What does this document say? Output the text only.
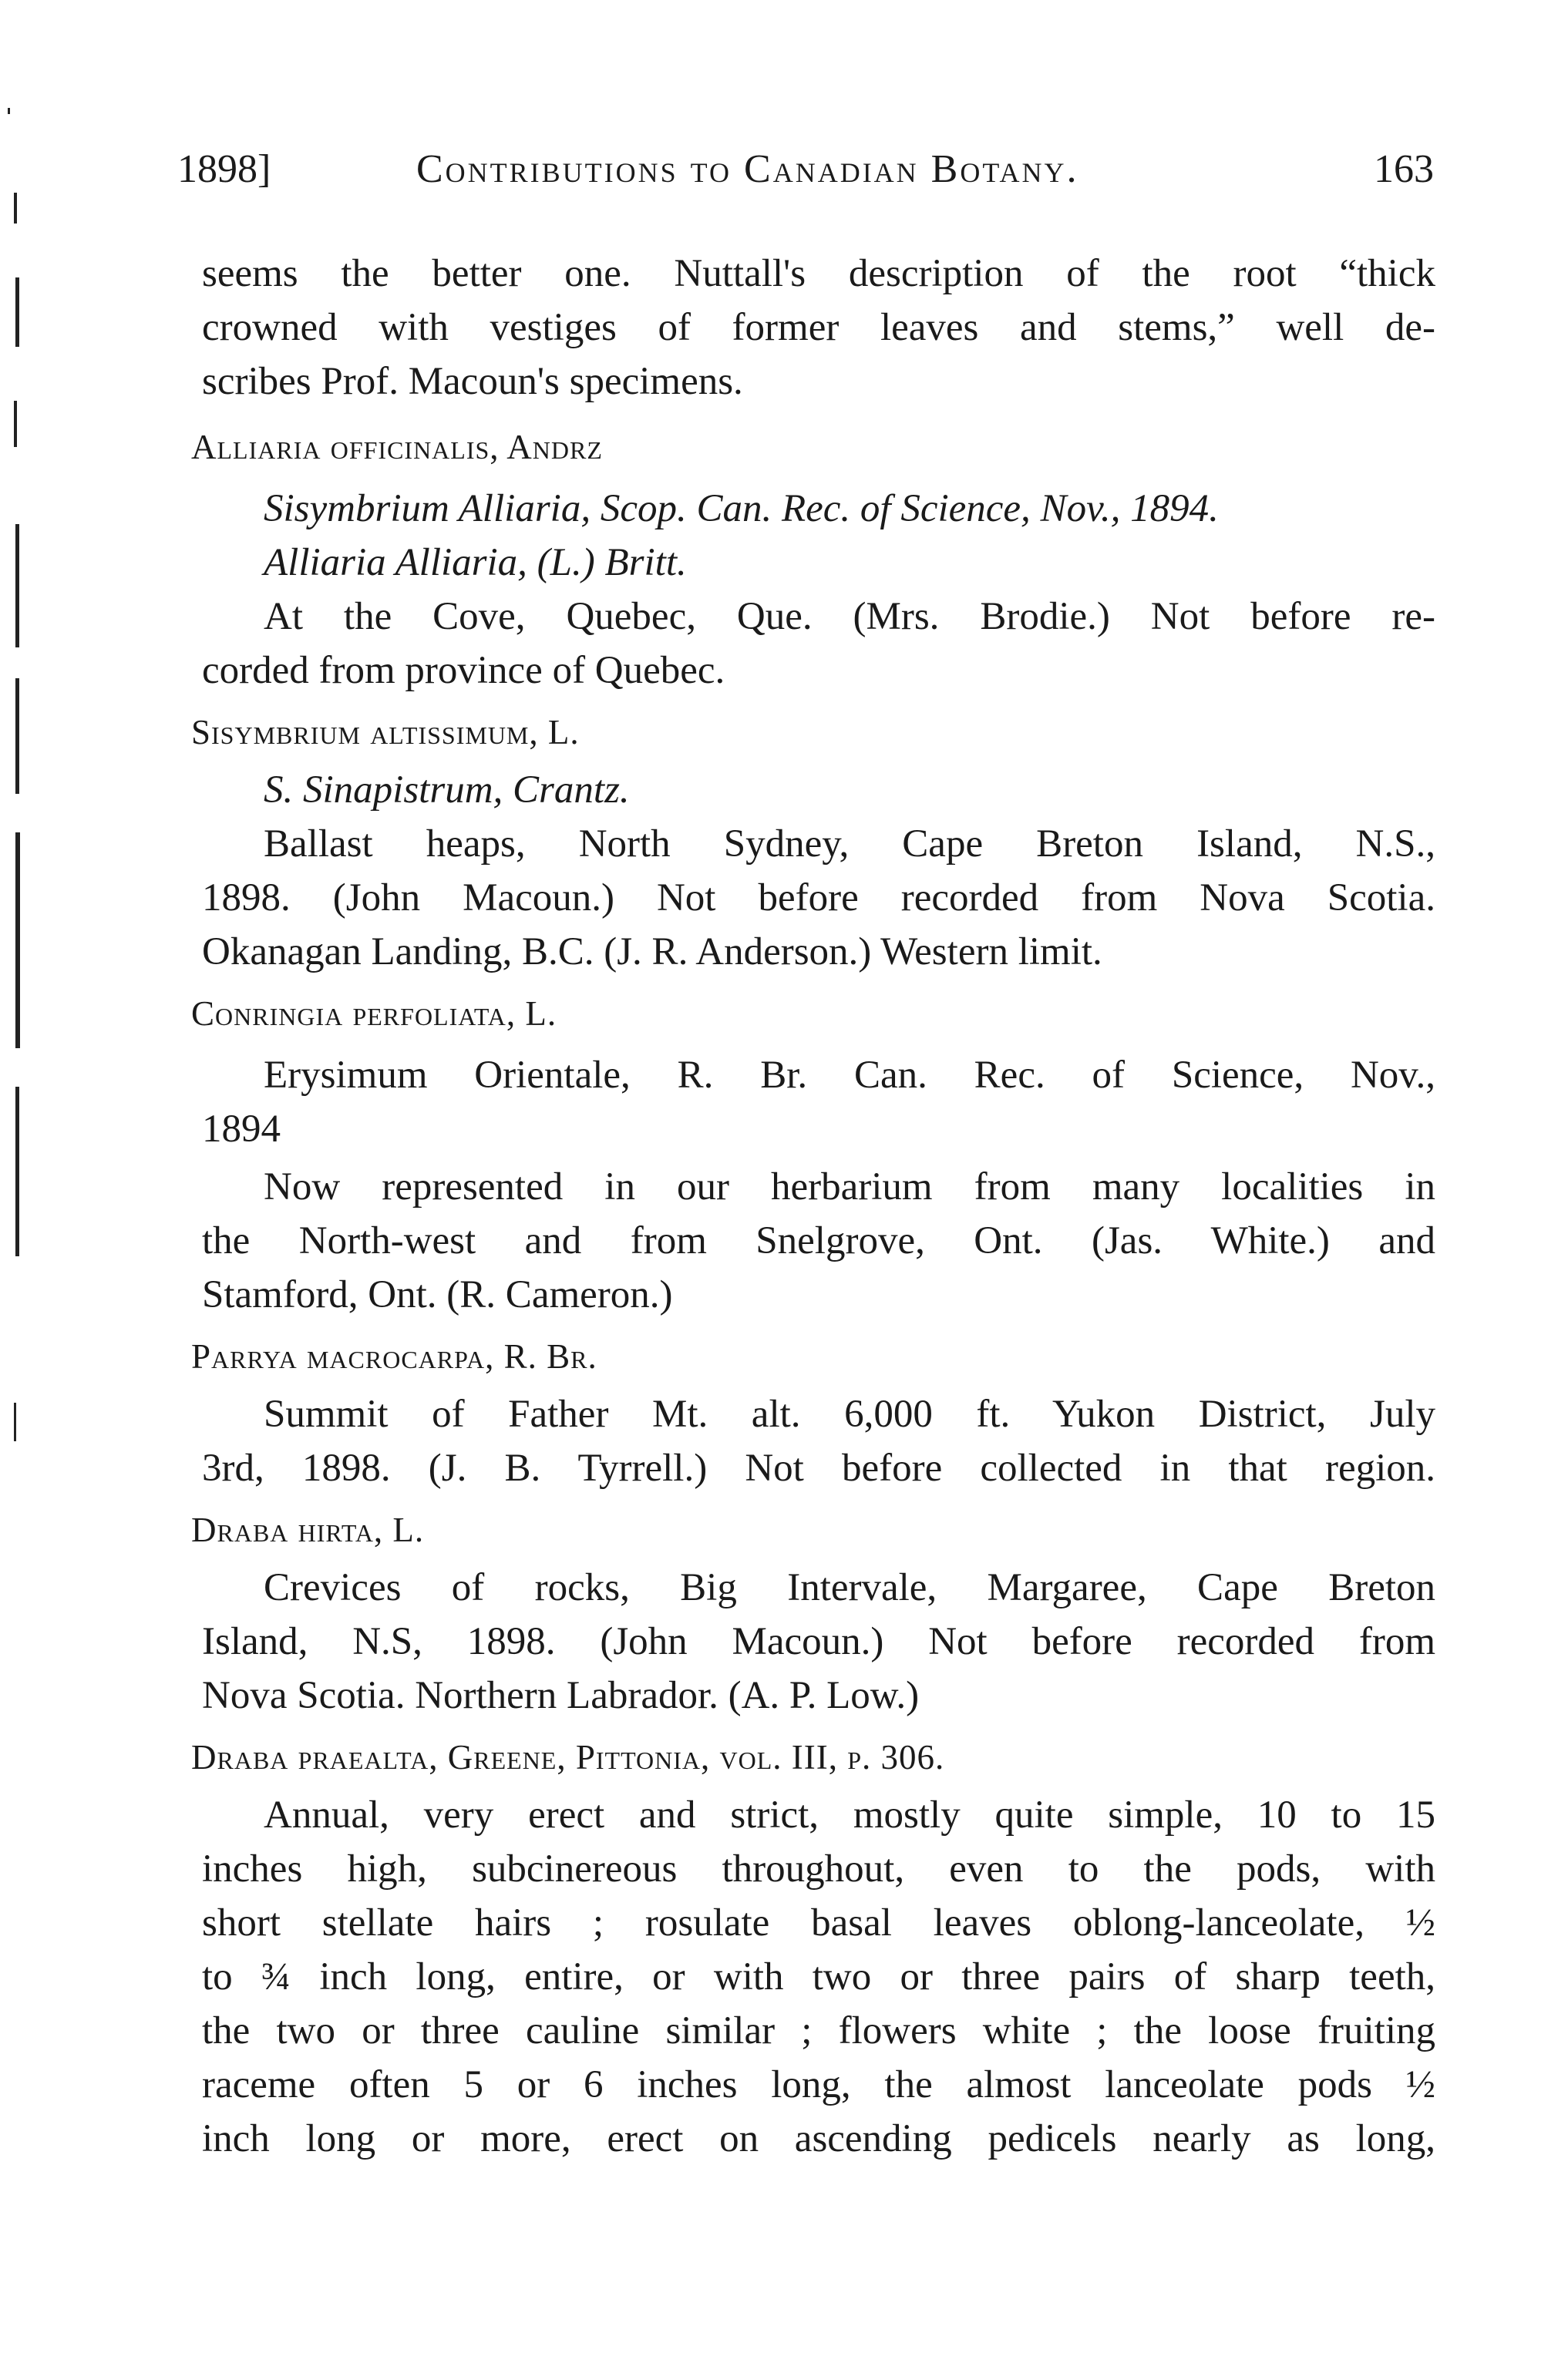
1898]	Contributions to Canadian Botany.	163
seems the better one. Nuttall's description of the root “thick
crowned with vestiges of former leaves and stems,” well de-
scribes Prof. Macoun's specimens.
Alliaria officinalis, Andrz
Sisymbrium Alliaria, Scop. Can. Rec. of Science, Nov., 1894.
Alliaria Alliaria, (L.) Britt.
At the Cove, Quebec, Que. (Mrs. Brodie.) Not before re-
corded from province of Quebec.
Sisymbrium altissimum, L.
S. Sinapistrum, Crantz.
Ballast heaps, North Sydney, Cape Breton Island, N.S.,
1898. (John Macoun.) Not before recorded from Nova Scotia.
Okanagan Landing, B.C. (J. R. Anderson.) Western limit.
Conringia perfoliata, L.
Erysimum Orientale, R. Br. Can. Rec. of Science, Nov.,
1894
Now represented in our herbarium from many localities in
the North-west and from Snelgrove, Ont. (Jas. White.) and
Stamford, Ont. (R. Cameron.)
Parrya macrocarpa, R. Br.
Summit of Father Mt. alt. 6,000 ft. Yukon District, July
3rd, 1898. (J. B. Tyrrell.) Not before collected in that region.
Draba hirta, L.
Crevices of rocks, Big Intervale, Margaree, Cape Breton
Island, N.S, 1898. (John Macoun.) Not before recorded from
Nova Scotia. Northern Labrador. (A. P. Low.)
Draba praealta, Greene, Pittonia, vol. III, p. 306.
Annual, very erect and strict, mostly quite simple, 10 to 15
inches high, subcinereous throughout, even to the pods, with
short stellate hairs ; rosulate basal leaves oblong-lanceolate, ½
to ¾ inch long, entire, or with two or three pairs of sharp teeth,
the two or three cauline similar ; flowers white ; the loose fruiting
raceme often 5 or 6 inches long, the almost lanceolate pods ½
inch long or more, erect on ascending pedicels nearly as long,
